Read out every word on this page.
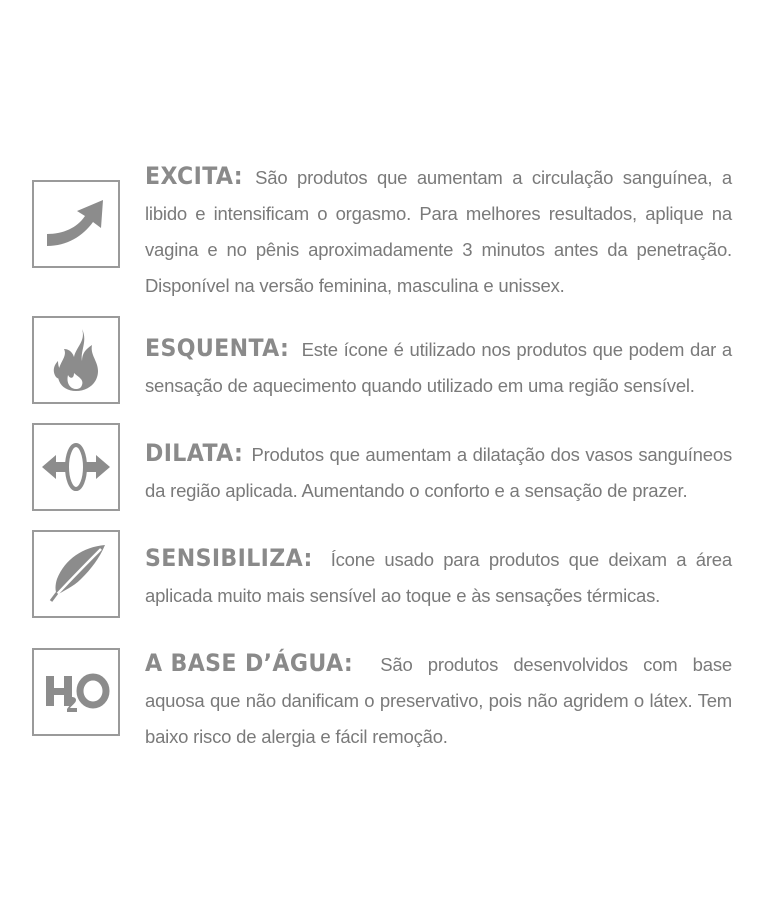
EXCITA: São produtos que aumentam a circulação sanguínea, a libido e intensificam o orgasmo. Para melhores resultados, aplique na vagina e no pênis aproximadamente 3 minutos antes da penetração. Disponível na versão feminina, masculina e unissex.
ESQUENTA: Este ícone é utilizado nos produtos que podem dar a sensação de aquecimento quando utilizado em uma região sensível.
DILATA: Produtos que aumentam a dilatação dos vasos sanguíneos da região aplicada. Aumentando o conforto e a sensação de prazer.
SENSIBILIZA: Ícone usado para produtos que deixam a área aplicada muito mais sensível ao toque e às sensações térmicas.
A BASE D’ÁGUA: São produtos desenvolvidos com base aquosa que não danificam o preservativo, pois não agridem o látex. Tem baixo risco de alergia e fácil remoção.
